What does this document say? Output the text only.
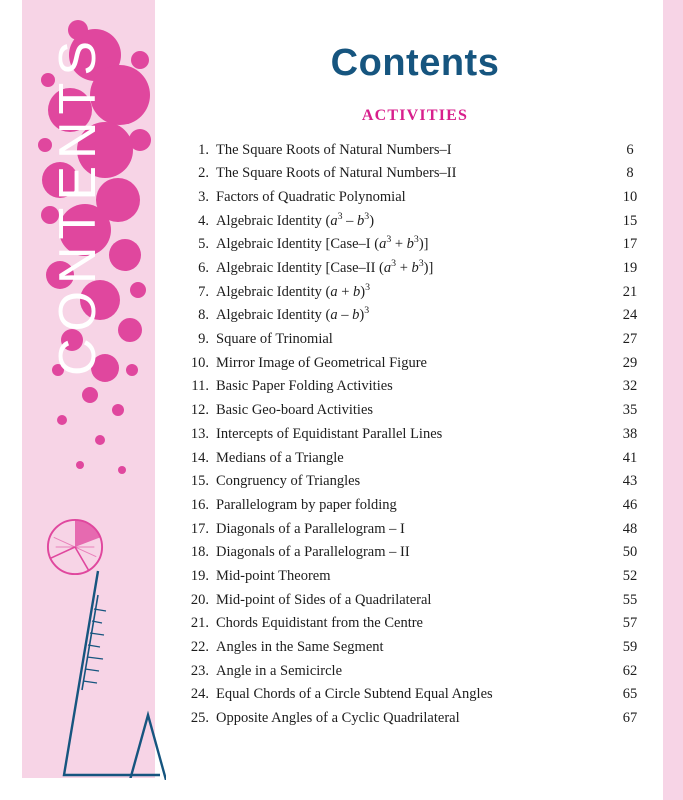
CONTENTS	Contents
ACTIVITIES
1. The Square Roots of Natural Numbers–I	6
2. The Square Roots of Natural Numbers–II	8
3. Factors of Quadratic Polynomial	10
4. Algebraic Identity $(a^3 - b^3)$	15
5. Algebraic Identity [Case–I $(a^3 + b^3)$]	17
6. Algebraic Identity [Case–II $(a^3 + b^3)$]	19
7. Algebraic Identity $(a + b)^3$	21
8. Algebraic Identity (a – b)$^3$	24
9. Square of Trinomial	27
10. Mirror Image of Geometrical Figure	29
11. Basic Paper Folding Activities	32
12. Basic Geo-board Activities	35
13. Intercepts of Equidistant Parallel Lines	38
14. Medians of a Triangle	41
15. Congruency of Triangles	43
16. Parallelogram by paper folding	46
17. Diagonals of a Parallelogram – I	48
18. Diagonals of a Parallelogram – II	50
19. Mid-point Theorem	52
20. Mid-point of Sides of a Quadrilateral	55
21. Chords Equidistant from the Centre	57
22. Angles in the Same Segment	59
23. Angle in a Semicircle	62
24. Equal Chords of a Circle Subtend Equal Angles	65
25. Opposite Angles of a Cyclic Quadrilateral	67
